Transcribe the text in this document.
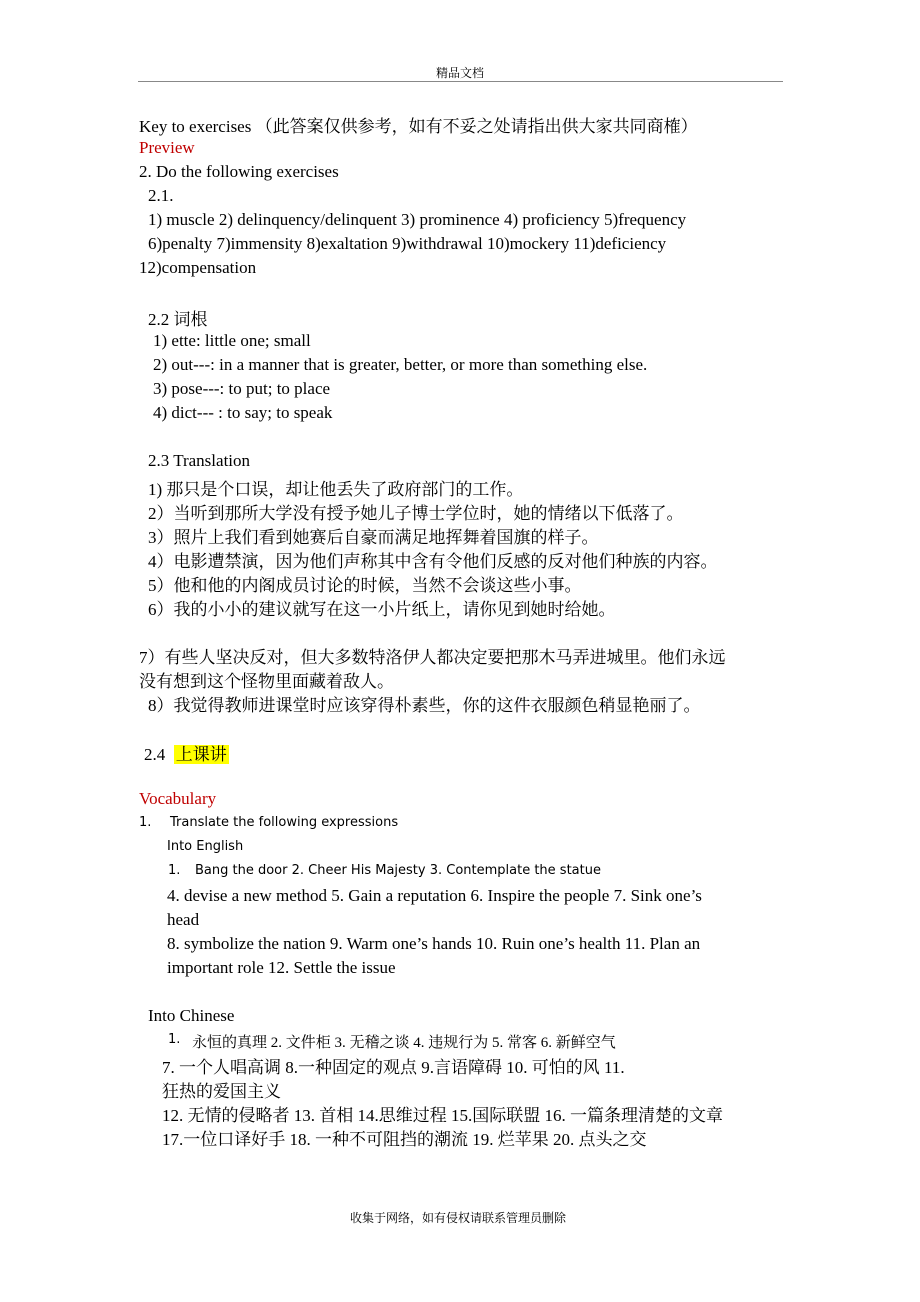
精品文档
Key to exercises （此答案仅供参考，如有不妥之处请指出供大家共同商榷）
Preview
2. Do the following exercises
2.1.
1) muscle 2) delinquency/delinquent 3) prominence 4) proficiency 5)frequency
6)penalty 7)immensity 8)exaltation 9)withdrawal 10)mockery 11)deficiency
12)compensation
2.2 词根
1) ette: little one; small
2) out---: in a manner that is greater, better, or more than something else.
3) pose---: to put; to place
4) dict--- : to say; to speak
2.3 Translation
1) 那只是个口误，却让他丢失了政府部门的工作。
2）当听到那所大学没有授予她儿子博士学位时，她的情绪以下低落了。
3）照片上我们看到她赛后自豪而满足地挥舞着国旗的样子。
4）电影遭禁演，因为他们声称其中含有令他们反感的反对他们种族的内容。
5）他和他的内阁成员讨论的时候，当然不会谈这些小事。
6）我的小小的建议就写在这一小片纸上，请你见到她时给她。
7）有些人坚决反对，但大多数特洛伊人都决定要把那木马弄进城里。他们永远
没有想到这个怪物里面藏着敌人。
8）我觉得教师进课堂时应该穿得朴素些，你的这件衣服颜色稍显艳丽了。
2.4 上课讲
Vocabulary
1. Translate the following expressions
Into English
1. Bang the door 2. Cheer His Majesty 3. Contemplate the statue
4. devise a new method 5. Gain a reputation 6. Inspire the people 7. Sink one’s
head
8. symbolize the nation 9. Warm one’s hands 10. Ruin one’s health 11. Plan an
important role 12. Settle the issue
Into Chinese
1. 永恒的真理 2. 文件柜 3. 无稽之谈 4. 违规行为 5. 常客 6. 新鲜空气
7. 一个人唱高调 8.一种固定的观点 9.言语障碍 10. 可怕的风 11.
狂热的爱国主义
12. 无情的侵略者 13. 首相 14.思维过程 15.国际联盟 16. 一篇条理清楚的文章
17.一位口译好手 18. 一种不可阻挡的潮流 19. 烂苹果 20. 点头之交
收集于网络，如有侵权请联系管理员删除
